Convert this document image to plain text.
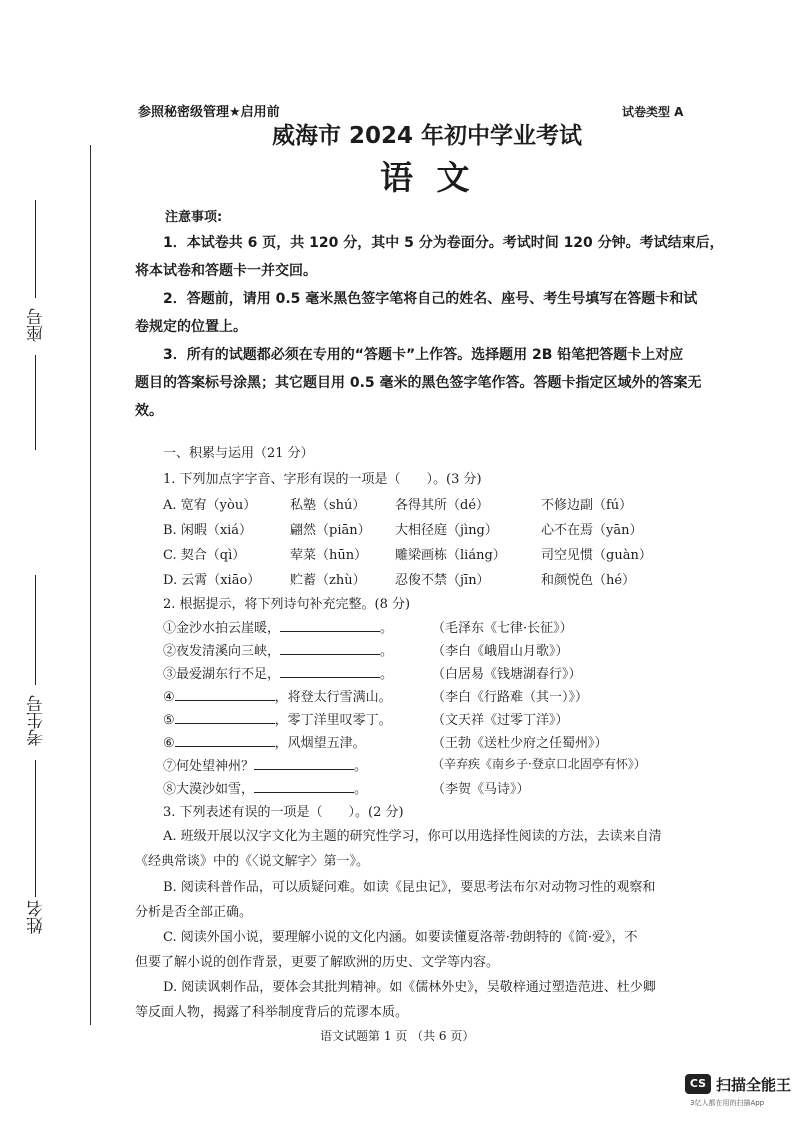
座号
考生号
姓名
参照秘密级管理★启用前	试卷类型 A
威海市 2024 年初中学业考试
语 文
注意事项:
1．本试卷共 6 页，共 120 分，其中 5 分为卷面分。考试时间 120 分钟。考试结束后，
将本试卷和答题卡一并交回。
2．答题前，请用 0.5 毫米黑色签字笔将自己的姓名、座号、考生号填写在答题卡和试
卷规定的位置上。
3．所有的试题都必须在专用的“答题卡”上作答。选择题用 2B 铅笔把答题卡上对应
题目的答案标号涂黑；其它题目用 0.5 毫米的黑色签字笔作答。答题卡指定区域外的答案无
效。
一、积累与运用（21 分）
1. 下列加点字字音、字形有误的一项是（　　）。(3 分)
A. 宽宥（yòu）	私塾（shú） 各得其所（dé）	不修边副（fú）
B. 闲暇（xiá）	翩然（piān） 大相径庭（jìng）	心不在焉（yān）
C. 契合（qì）	荤菜（hūn） 雕梁画栋（liáng）	司空见惯（guàn）
D. 云霄（xiāo） 贮蓄（zhù） 忍俊不禁（jīn）	和颜悦色（hé）
2. 根据提示，将下列诗句补充完整。(8 分)
①金沙水拍云崖暖，	。	（毛泽东《七律·长征》）
②夜发清溪向三峡，	。	（李白《峨眉山月歌》）
③最爱湖东行不足，	。	（白居易《钱塘湖春行》）
④	，将登太行雪满山。	（李白《行路难（其一）》）
⑤	，零丁洋里叹零丁。	（文天祥《过零丁洋》）
⑥	，风烟望五津。	（王勃《送杜少府之任蜀州》）
⑦何处望神州？	。	（辛弃疾《南乡子·登京口北固亭有怀》）
⑧大漠沙如雪，	。	（李贺《马诗》）
3. 下列表述有误的一项是（　　）。(2 分)
A. 班级开展以汉字文化为主题的研究性学习，你可以用选择性阅读的方法，去读来自清
《经典常谈》中的《〈说文解字〉第一》。
B. 阅读科普作品，可以质疑问难。如读《昆虫记》，要思考法布尔对动物习性的观察和
分析是否全部正确。
C. 阅读外国小说，要理解小说的文化内涵。如要读懂夏洛蒂·勃朗特的《简·爱》，不
但要了解小说的创作背景，更要了解欧洲的历史、文学等内容。
D. 阅读讽刺作品，要体会其批判精神。如《儒林外史》，吴敬梓通过塑造范进、杜少卿
等反面人物，揭露了科举制度背后的荒谬本质。
语文试题第 1 页 （共 6 页）
CS 扫描全能王
3亿人都在用的扫描App
